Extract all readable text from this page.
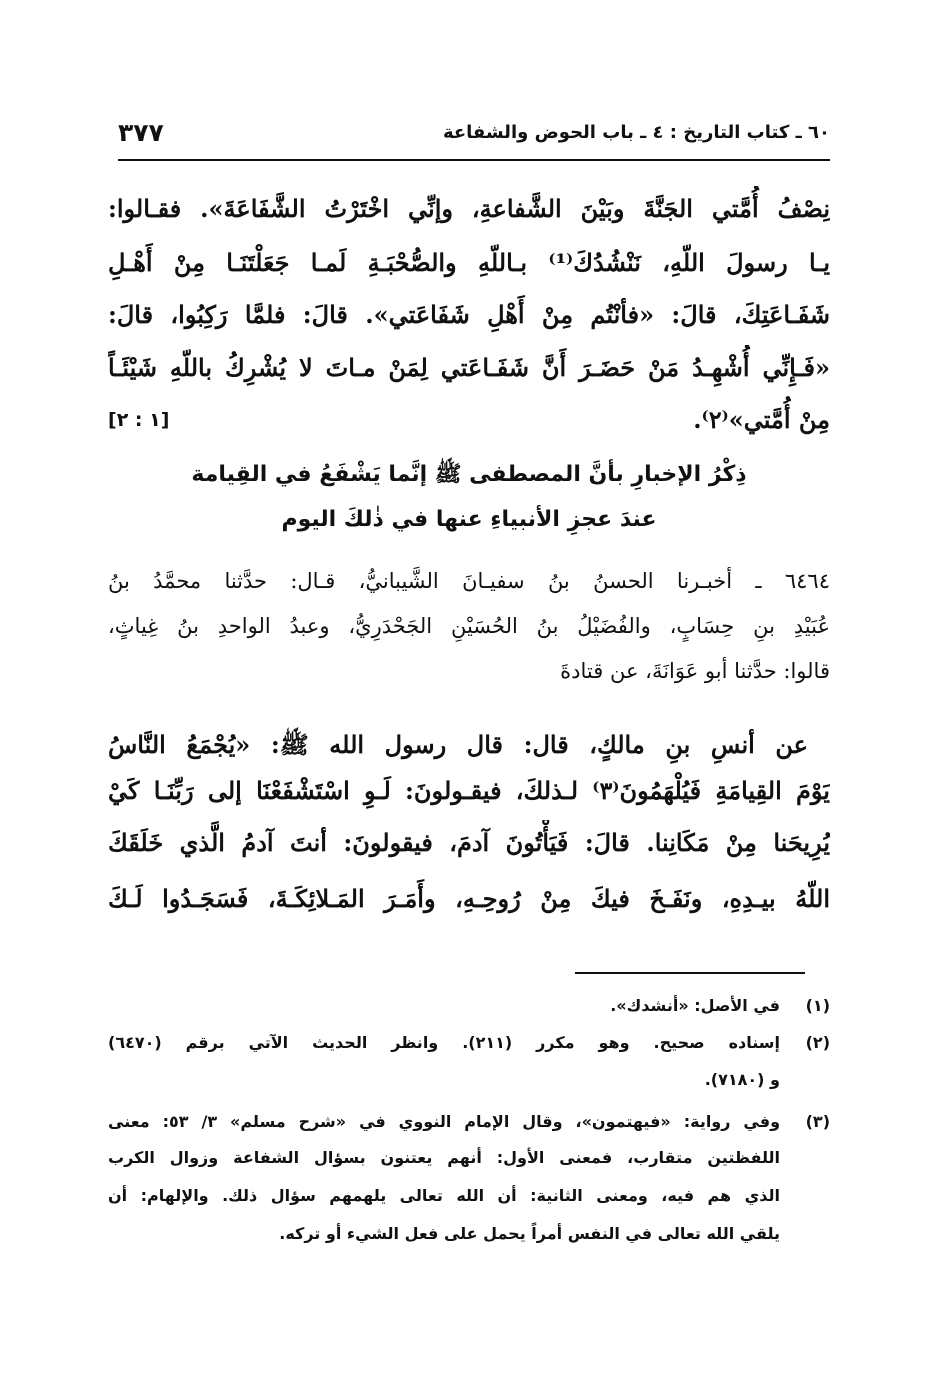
٦٠ ـ كتاب التاريخ : ٤ ـ باب الحوض والشفاعة
٣٧٧
نِصْفُ أُمَّتي الجَنَّةَ وبَيْنَ الشَّفاعةِ، وإنِّي اخْتَرْتُ الشَّفَاعَةَ». فقـالوا:
يـا رسولَ اللّهِ، نَنْشُدُكَ⁽¹⁾ بـاللّهِ والصُّحْبَـةِ لَمـا جَعَلْتَنَـا مِنْ أَهْـلِ
شَفَـاعَتِكَ، قالَ: «فأنْتُم مِنْ أَهْلِ شَفَاعَتي». قالَ: فلمَّا رَكِبُوا، قالَ:
«فَـإِنِّي أُشْهِـدُ مَنْ حَضَـرَ أَنَّ شَفَـاعَتي لِمَنْ مـاتَ لا يُشْرِكُ باللّهِ شَيْئَـاً
مِنْ أُمَّتي»⁽٢⁾.
[١ : ٢]
ذِكْرُ الإخبارِ بأنَّ المصطفى ﷺ إنَّما يَشْفَعُ في القِيامة
عندَ عجزِ الأنبياءِ عنها في ذٰلكَ اليوم
٦٤٦٤ ـ أخبـرنا الحسنُ بنُ سفيـانَ الشَّيبانيُّ، قـال: حدَّثنا محمَّدُ بنُ
عُبَيْدِ بنِ حِسَابٍ، والفُضَيْلُ بنُ الحُسَيْنِ الجَحْدَرِيُّ، وعبدُ الواحدِ بنُ غِياثٍ،
قالوا: حدَّثنا أبو عَوَانَةَ، عن قتادةَ
عن أنسِ بنِ مالكٍ، قال: قال رسول الله ﷺ: «يُجْمَعُ النَّاسُ
يَوْمَ القِيامَةِ فَيُلْهَمُونَ⁽٣⁾ لـذلكَ، فيقـولونَ: لَـوِ اسْتَشْفَعْنَا إلى رَبِّنَـا كَيْ
يُرِيحَنا مِنْ مَكَانِنا. قالَ: فَيَأْتُونَ آدمَ، فيقولونَ: أنتَ آدمُ الَّذي خَلَقَكَ
اللّهُ بيـدِهِ، ونَفَـخَ فيكَ مِنْ رُوحِـهِ، وأَمَـرَ المَـلائِكَـةَ، فَسَجَـدُوا لَـكَ
(١)
في الأصل: «أنشدك».
(٢)
إسناده صحيح. وهو مكرر (٢١١). وانظر الحديث الآتي برقم (٦٤٧٠)
و (٧١٨٠).
(٣)
وفي رواية: «فيهتمون»، وقال الإمام النووي في «شرح مسلم» ٣/ ٥٣: معنى
اللفظتين متقارب، فمعنى الأول: أنهم يعتنون بسؤال الشفاعة وزوال الكرب
الذي هم فيه، ومعنى الثانية: أن الله تعالى يلهمهم سؤال ذلك. والإلهام: أن
يلقي الله تعالى في النفس أمراً يحمل على فعل الشيء أو تركه.
